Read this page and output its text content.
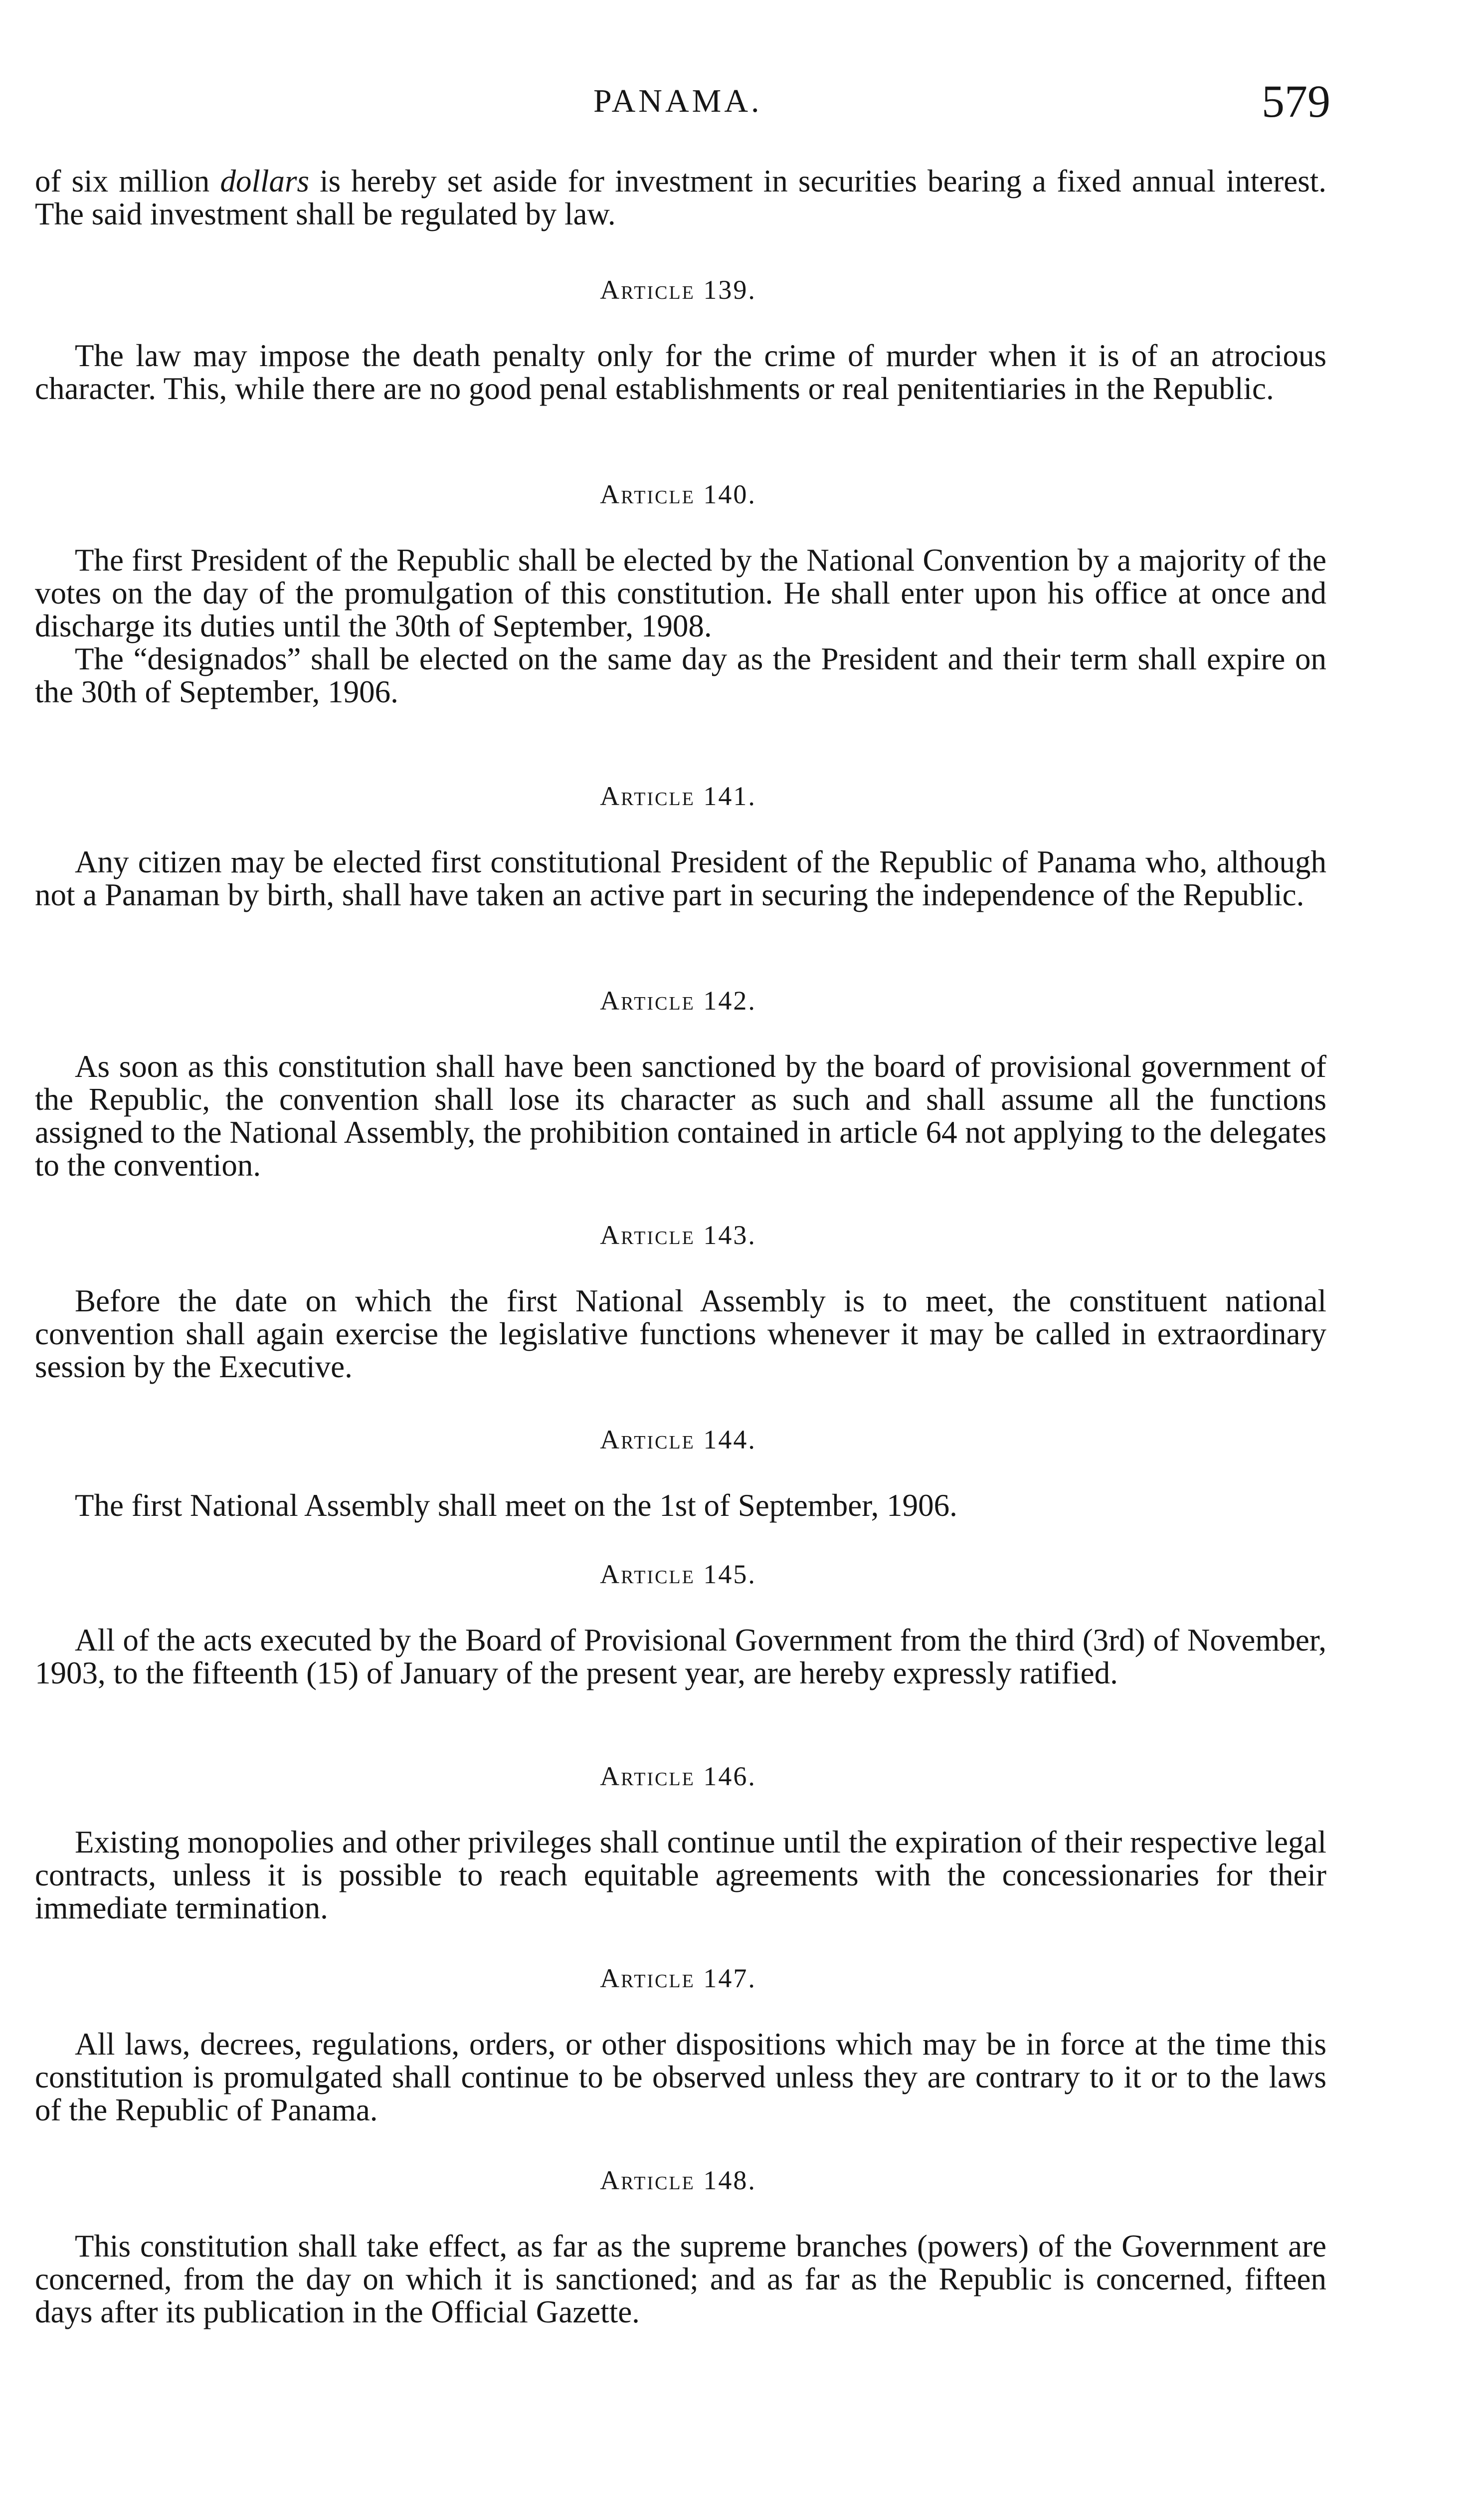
PANAMA.	579

of six million dollars is hereby set aside for investment in securities bearing a fixed annual interest. The said investment shall be regulated by law.

Article 139.

The law may impose the death penalty only for the crime of murder when it is of an atrocious character. This, while there are no good penal establishments or real penitentiaries in the Republic.

Article 140.

The first President of the Republic shall be elected by the National Convention by a majority of the votes on the day of the promulgation of this constitution. He shall enter upon his office at once and discharge its duties until the 30th of September, 1908.

The “designados” shall be elected on the same day as the President and their term shall expire on the 30th of September, 1906.

Article 141.

Any citizen may be elected first constitutional President of the Republic of Panama who, although not a Panaman by birth, shall have taken an active part in securing the independence of the Republic.

Article 142.

As soon as this constitution shall have been sanctioned by the board of provisional government of the Republic, the convention shall lose its character as such and shall assume all the functions assigned to the National Assembly, the prohibition contained in article 64 not applying to the delegates to the convention.

Article 143.

Before the date on which the first National Assembly is to meet, the constituent national convention shall again exercise the legislative functions whenever it may be called in extraordinary session by the Executive.

Article 144.

The first National Assembly shall meet on the 1st of September, 1906.

Article 145.

All of the acts executed by the Board of Provisional Government from the third (3rd) of November, 1903, to the fifteenth (15) of January of the present year, are hereby expressly ratified.

Article 146.

Existing monopolies and other privileges shall continue until the expiration of their respective legal contracts, unless it is possible to reach equitable agreements with the concessionaries for their immediate termination.

Article 147.

All laws, decrees, regulations, orders, or other dispositions which may be in force at the time this constitution is promulgated shall continue to be observed unless they are contrary to it or to the laws of the Republic of Panama.

Article 148.

This constitution shall take effect, as far as the supreme branches (powers) of the Government are concerned, from the day on which it is sanctioned; and as far as the Republic is concerned, fifteen days after its publication in the Official Gazette.
